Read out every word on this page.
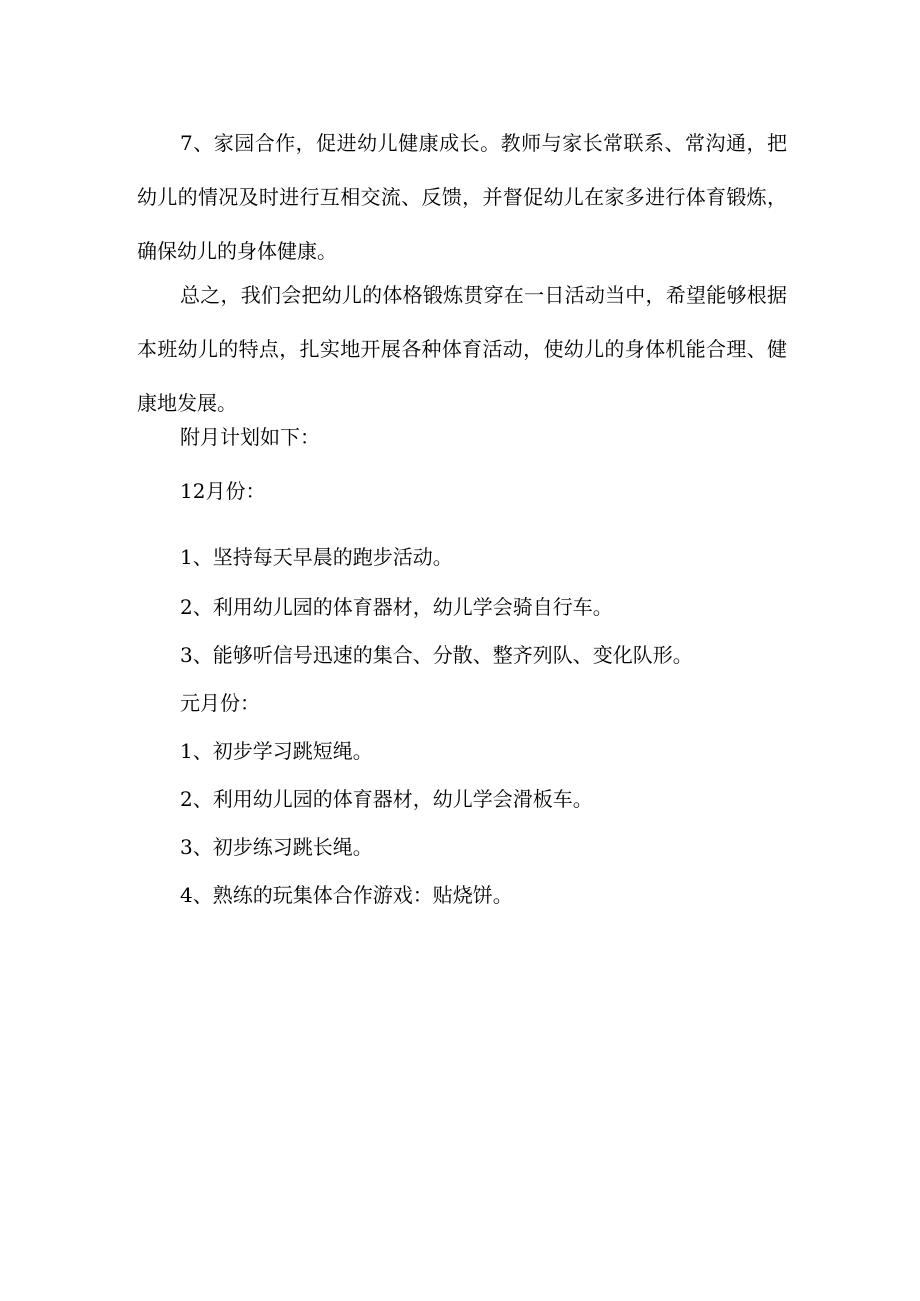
7、家园合作，促进幼儿健康成长。教师与家长常联系、常沟通，把幼儿的情况及时进行互相交流、反馈，并督促幼儿在家多进行体育锻炼，确保幼儿的身体健康。

总之，我们会把幼儿的体格锻炼贯穿在一日活动当中，希望能够根据本班幼儿的特点，扎实地开展各种体育活动，使幼儿的身体机能合理、健康地发展。

附月计划如下：

12月份：

1、坚持每天早晨的跑步活动。

2、利用幼儿园的体育器材，幼儿学会骑自行车。

3、能够听信号迅速的集合、分散、整齐列队、变化队形。

元月份：

1、初步学习跳短绳。

2、利用幼儿园的体育器材，幼儿学会滑板车。

3、初步练习跳长绳。

4、熟练的玩集体合作游戏：贴烧饼。
